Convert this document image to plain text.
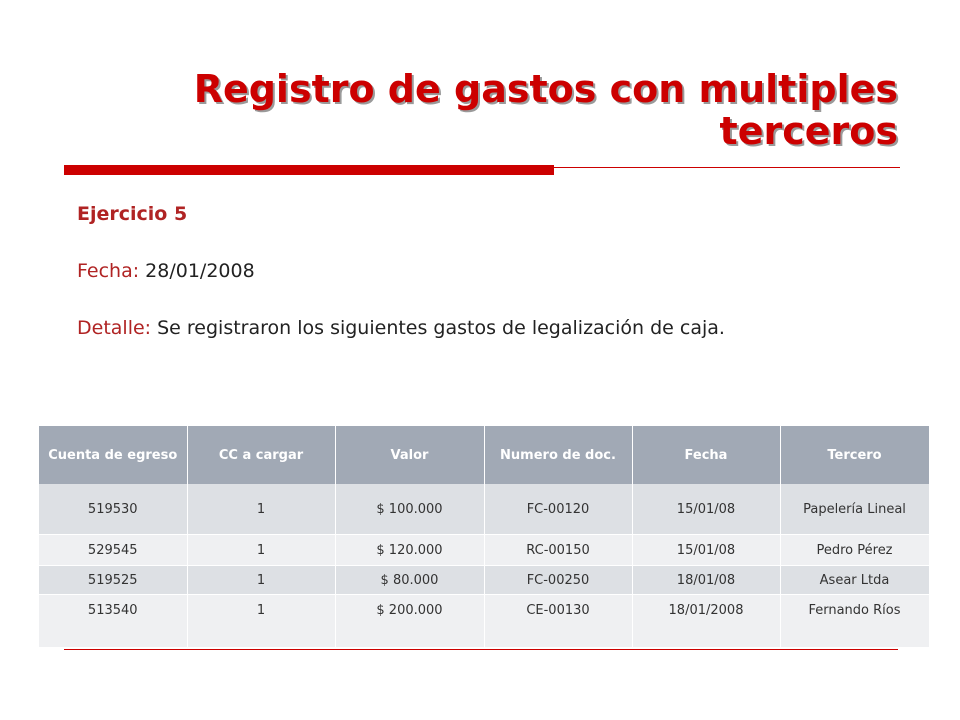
Registro de gastos con multiples terceros

Ejercicio 5

Fecha: 28/01/2008

Detalle: Se registraron los siguientes gastos de legalización de caja.

Cuenta de egreso	CC a cargar	Valor	Numero de doc.	Fecha	Tercero
519530	1	$ 100.000	FC-00120	15/01/08	Papelería Lineal
529545	1	$ 120.000	RC-00150	15/01/08	Pedro Pérez
519525	1	$ 80.000	FC-00250	18/01/08	Asear Ltda
513540	1	$ 200.000	CE-00130	18/01/2008	Fernando Ríos
